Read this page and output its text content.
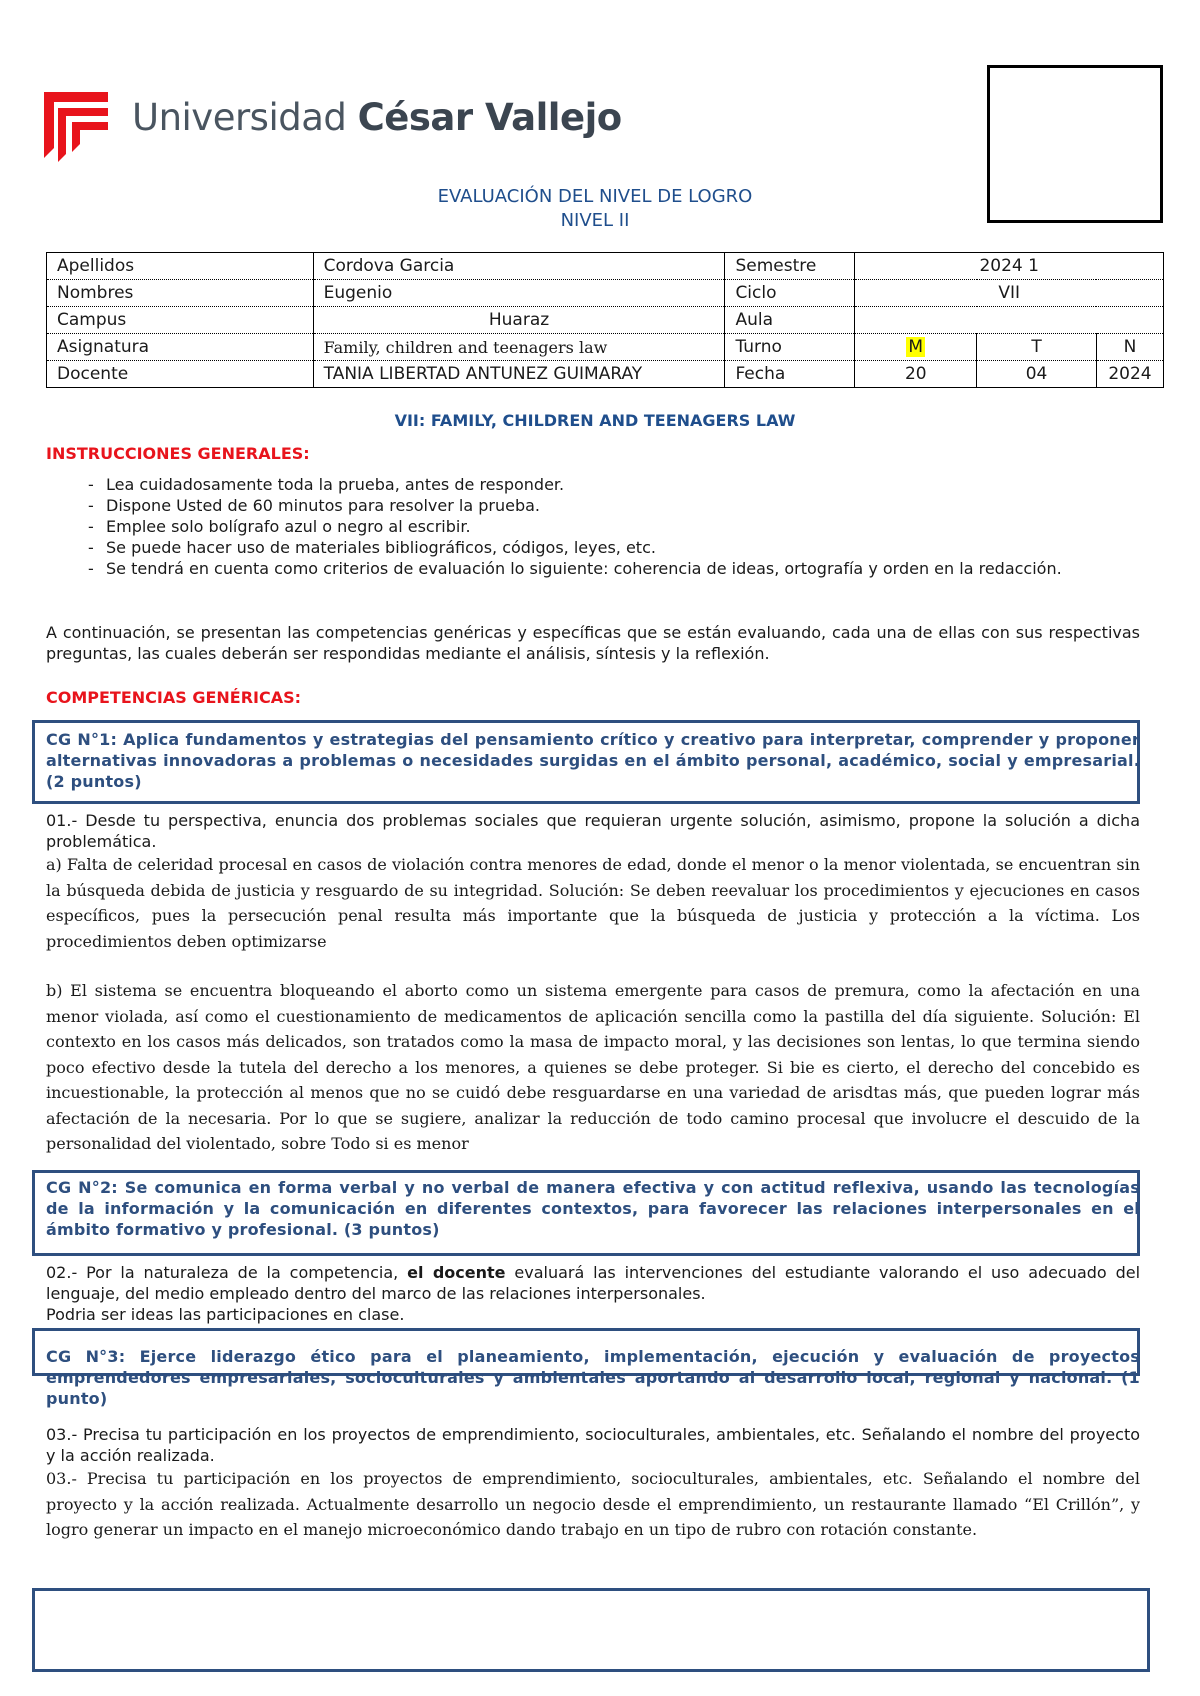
Universidad César Vallejo
EVALUACIÓN DEL NIVEL DE LOGRO
NIVEL II
Apellidos	Cordova Garcia	Semestre	2024 1		
Nombres	Eugenio	Ciclo	VII		
Campus	Huaraz	Aula			
Asignatura	Family, children and teenagers law	Turno	M	T	N
Docente	TANIA LIBERTAD ANTUNEZ GUIMARAY	Fecha	20	04	2024
VII: FAMILY, CHILDREN AND TEENAGERS LAW
INSTRUCCIONES GENERALES:
- Lea cuidadosamente toda la prueba, antes de responder.
- Dispone Usted de 60 minutos para resolver la prueba.
- Emplee solo bolígrafo azul o negro al escribir.
- Se puede hacer uso de materiales bibliográficos, códigos, leyes, etc.
- Se tendrá en cuenta como criterios de evaluación lo siguiente: coherencia de ideas, ortografía y orden en la redacción.
A continuación, se presentan las competencias genéricas y específicas que se están evaluando, cada una de ellas con sus respectivas preguntas, las cuales deberán ser respondidas mediante el análisis, síntesis y la reflexión.
COMPETENCIAS GENÉRICAS:
CG N°1: Aplica fundamentos y estrategias del pensamiento crítico y creativo para interpretar, comprender y proponer alternativas innovadoras a problemas o necesidades surgidas en el ámbito personal, académico, social y empresarial. (2 puntos)
01.- Desde tu perspectiva, enuncia dos problemas sociales que requieran urgente solución, asimismo, propone la solución a dicha problemática.
a) Falta de celeridad procesal en casos de violación contra menores de edad, donde el menor o la menor violentada, se encuentran sin la búsqueda debida de justicia y resguardo de su integridad. Solución: Se deben reevaluar los procedimientos y ejecuciones en casos específicos, pues la persecución penal resulta más importante que la búsqueda de justicia y protección a la víctima. Los procedimientos deben optimizarse
b) El sistema se encuentra bloqueando el aborto como un sistema emergente para casos de premura, como la afectación en una menor violada, así como el cuestionamiento de medicamentos de aplicación sencilla como la pastilla del día siguiente. Solución: El contexto en los casos más delicados, son tratados como la masa de impacto moral, y las decisiones son lentas, lo que termina siendo poco efectivo desde la tutela del derecho a los menores, a quienes se debe proteger. Si bie es cierto, el derecho del concebido es incuestionable, la protección al menos que no se cuidó debe resguardarse en una variedad de arisdtas más, que pueden lograr más afectación de la necesaria. Por lo que se sugiere, analizar la reducción de todo camino procesal que involucre el descuido de la personalidad del violentado, sobre Todo si es menor
CG N°2: Se comunica en forma verbal y no verbal de manera efectiva y con actitud reflexiva, usando las tecnologías de la información y la comunicación en diferentes contextos, para favorecer las relaciones interpersonales en el ámbito formativo y profesional. (3 puntos)
02.- Por la naturaleza de la competencia, el docente evaluará las intervenciones del estudiante valorando el uso adecuado del lenguaje, del medio empleado dentro del marco de las relaciones interpersonales.
Podria ser ideas las participaciones en clase.
CG N°3: Ejerce liderazgo ético para el planeamiento, implementación, ejecución y evaluación de proyectos emprendedores empresariales, socioculturales y ambientales aportando al desarrollo local, regional y nacional. (1 punto)
03.- Precisa tu participación en los proyectos de emprendimiento, socioculturales, ambientales, etc. Señalando el nombre del proyecto y la acción realizada.
03.- Precisa tu participación en los proyectos de emprendimiento, socioculturales, ambientales, etc. Señalando el nombre del proyecto y la acción realizada. Actualmente desarrollo un negocio desde el emprendimiento, un restaurante llamado “El Crillón”, y logro generar un impacto en el manejo microeconómico dando trabajo en un tipo de rubro con rotación constante.
